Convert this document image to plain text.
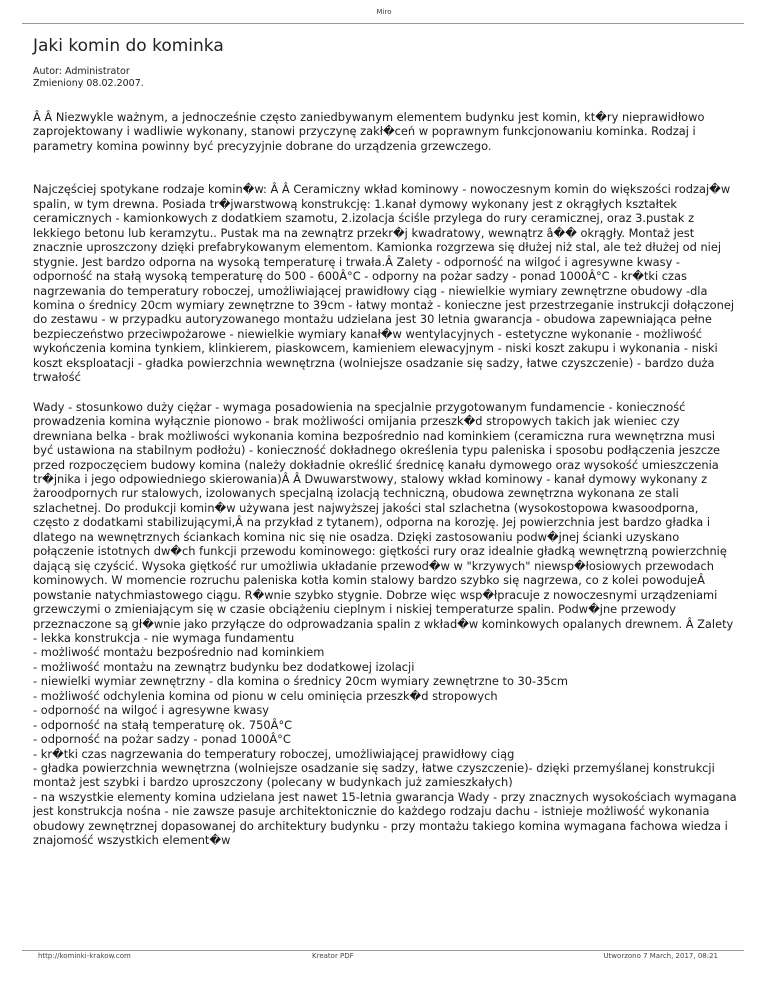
Miro
Jaki komin do kominka
Autor: Administrator
Zmieniony 08.02.2007.

Â Â Niezwykle ważnym, a jednocześnie często zaniedbywanym elementem budynku jest komin, kt�ry nieprawidłowo zaprojektowany i wadliwie wykonany, stanowi przyczynę zakł�ceń w poprawnym funkcjonowaniu kominka. Rodzaj i parametry komina powinny być precyzyjnie dobrane do urządzenia grzewczego.

Najczęściej spotykane rodzaje komin�w: Â Â Ceramiczny wkład kominowy - nowoczesnym komin do większości rodzaj�w spalin, w tym drewna. Posiada tr�jwarstwową konstrukcję: 1.kanał dymowy wykonany jest z okrągłych kształtek ceramicznych - kamionkowych z dodatkiem szamotu, 2.izolacja ściśle przylega do rury ceramicznej, oraz 3.pustak z lekkiego betonu lub keramzytu.. Pustak ma na zewnątrz przekr�j kwadratowy, wewnątrz â�� okrągły. Montaż jest znacznie uproszczony dzięki prefabrykowanym elementom. Kamionka rozgrzewa się dłużej niż stal, ale też dłużej od niej stygnie. Jest bardzo odporna na wysoką temperaturę i trwała.Â Zalety - odporność na wilgoć i agresywne kwasy - odporność na stałą wysoką temperaturę do 500 - 600Â°C - odporny na pożar sadzy - ponad 1000Â°C - kr�tki czas nagrzewania do temperatury roboczej, umożliwiającej prawidłowy ciąg - niewielkie wymiary zewnętrzne obudowy -dla komina o średnicy 20cm wymiary zewnętrzne to 39cm - łatwy montaż - konieczne jest przestrzeganie instrukcji dołączonej do zestawu - w przypadku autoryzowanego montażu udzielana jest 30 letnia gwarancja - obudowa zapewniająca pełne bezpieczeństwo przeciwpożarowe - niewielkie wymiary kanał�w wentylacyjnych - estetyczne wykonanie - możliwość wykończenia komina tynkiem, klinkierem, piaskowcem, kamieniem elewacyjnym - niski koszt zakupu i wykonania - niski koszt eksploatacji - gładka powierzchnia wewnętrzna (wolniejsze osadzanie się sadzy, łatwe czyszczenie) - bardzo duża trwałość

Wady - stosunkowo duży ciężar - wymaga posadowienia na specjalnie przygotowanym fundamencie - konieczność prowadzenia komina wyłącznie pionowo - brak możliwości omijania przeszk�d stropowych takich jak wieniec czy drewniana belka - brak możliwości wykonania komina bezpośrednio nad kominkiem (ceramiczna rura wewnętrzna musi być ustawiona na stabilnym podłożu) - konieczność dokładnego określenia typu paleniska i sposobu podłączenia jeszcze przed rozpoczęciem budowy komina (należy dokładnie określić średnicę kanału dymowego oraz wysokość umieszczenia tr�jnika i jego odpowiedniego skierowania)Â Â Dwuwarstwowy, stalowy wkład kominowy - kanał dymowy wykonany z żaroodpornych rur stalowych, izolowanych specjalną izolacją techniczną, obudowa zewnętrzna wykonana ze stali szlachetnej. Do produkcji komin�w używana jest najwyższej jakości stal szlachetna (wysokostopowa kwasoodporna, często z dodatkami stabilizującymi,Â na przykład z tytanem), odporna na korozję. Jej powierzchnia jest bardzo gładka i dlatego na wewnętrznych ściankach komina nic się nie osadza. Dzięki zastosowaniu podw�jnej ścianki uzyskano połączenie istotnych dw�ch funkcji przewodu kominowego: giętkości rury oraz idealnie gładką wewnętrzną powierzchnię dającą się czyścić. Wysoka giętkość rur umożliwia układanie przewod�w w "krzywych" niewsp�łosiowych przewodach kominowych. W momencie rozruchu paleniska kotła komin stalowy bardzo szybko się nagrzewa, co z kolei powodujeÂ powstanie natychmiastowego ciągu. R�wnie szybko stygnie. Dobrze więc wsp�łpracuje z nowoczesnymi urządzeniami grzewczymi o zmieniającym się w czasie obciążeniu cieplnym i niskiej temperaturze spalin. Podw�jne przewody przeznaczone są gł�wnie jako przyłącze do odprowadzania spalin z wkład�w kominkowych opalanych drewnem. Â Zalety
- lekka konstrukcja - nie wymaga fundamentu
- możliwość montażu bezpośrednio nad kominkiem
- możliwość montażu na zewnątrz budynku bez dodatkowej izolacji
- niewielki wymiar zewnętrzny - dla komina o średnicy 20cm wymiary zewnętrzne to 30-35cm
- możliwość odchylenia komina od pionu w celu ominięcia przeszk�d stropowych
- odporność na wilgoć i agresywne kwasy
- odporność na stałą temperaturę ok. 750Â°C
- odporność na pożar sadzy - ponad 1000Â°C
- kr�tki czas nagrzewania do temperatury roboczej, umożliwiającej prawidłowy ciąg
- gładka powierzchnia wewnętrzna (wolniejsze osadzanie się sadzy, łatwe czyszczenie)- dzięki przemyślanej konstrukcji montaż jest szybki i bardzo uproszczony (polecany w budynkach już zamieszkałych)
- na wszystkie elementy komina udzielana jest nawet 15-letnia gwarancja Wady - przy znacznych wysokościach wymagana jest konstrukcja nośna - nie zawsze pasuje architektonicznie do każdego rodzaju dachu - istnieje możliwość wykonania obudowy zewnętrznej dopasowanej do architektury budynku - przy montażu takiego komina wymagana fachowa wiedza i znajomość wszystkich element�w

http://kominki-krakow.com	Kreator PDF	Utworzono 7 March, 2017, 08:21
